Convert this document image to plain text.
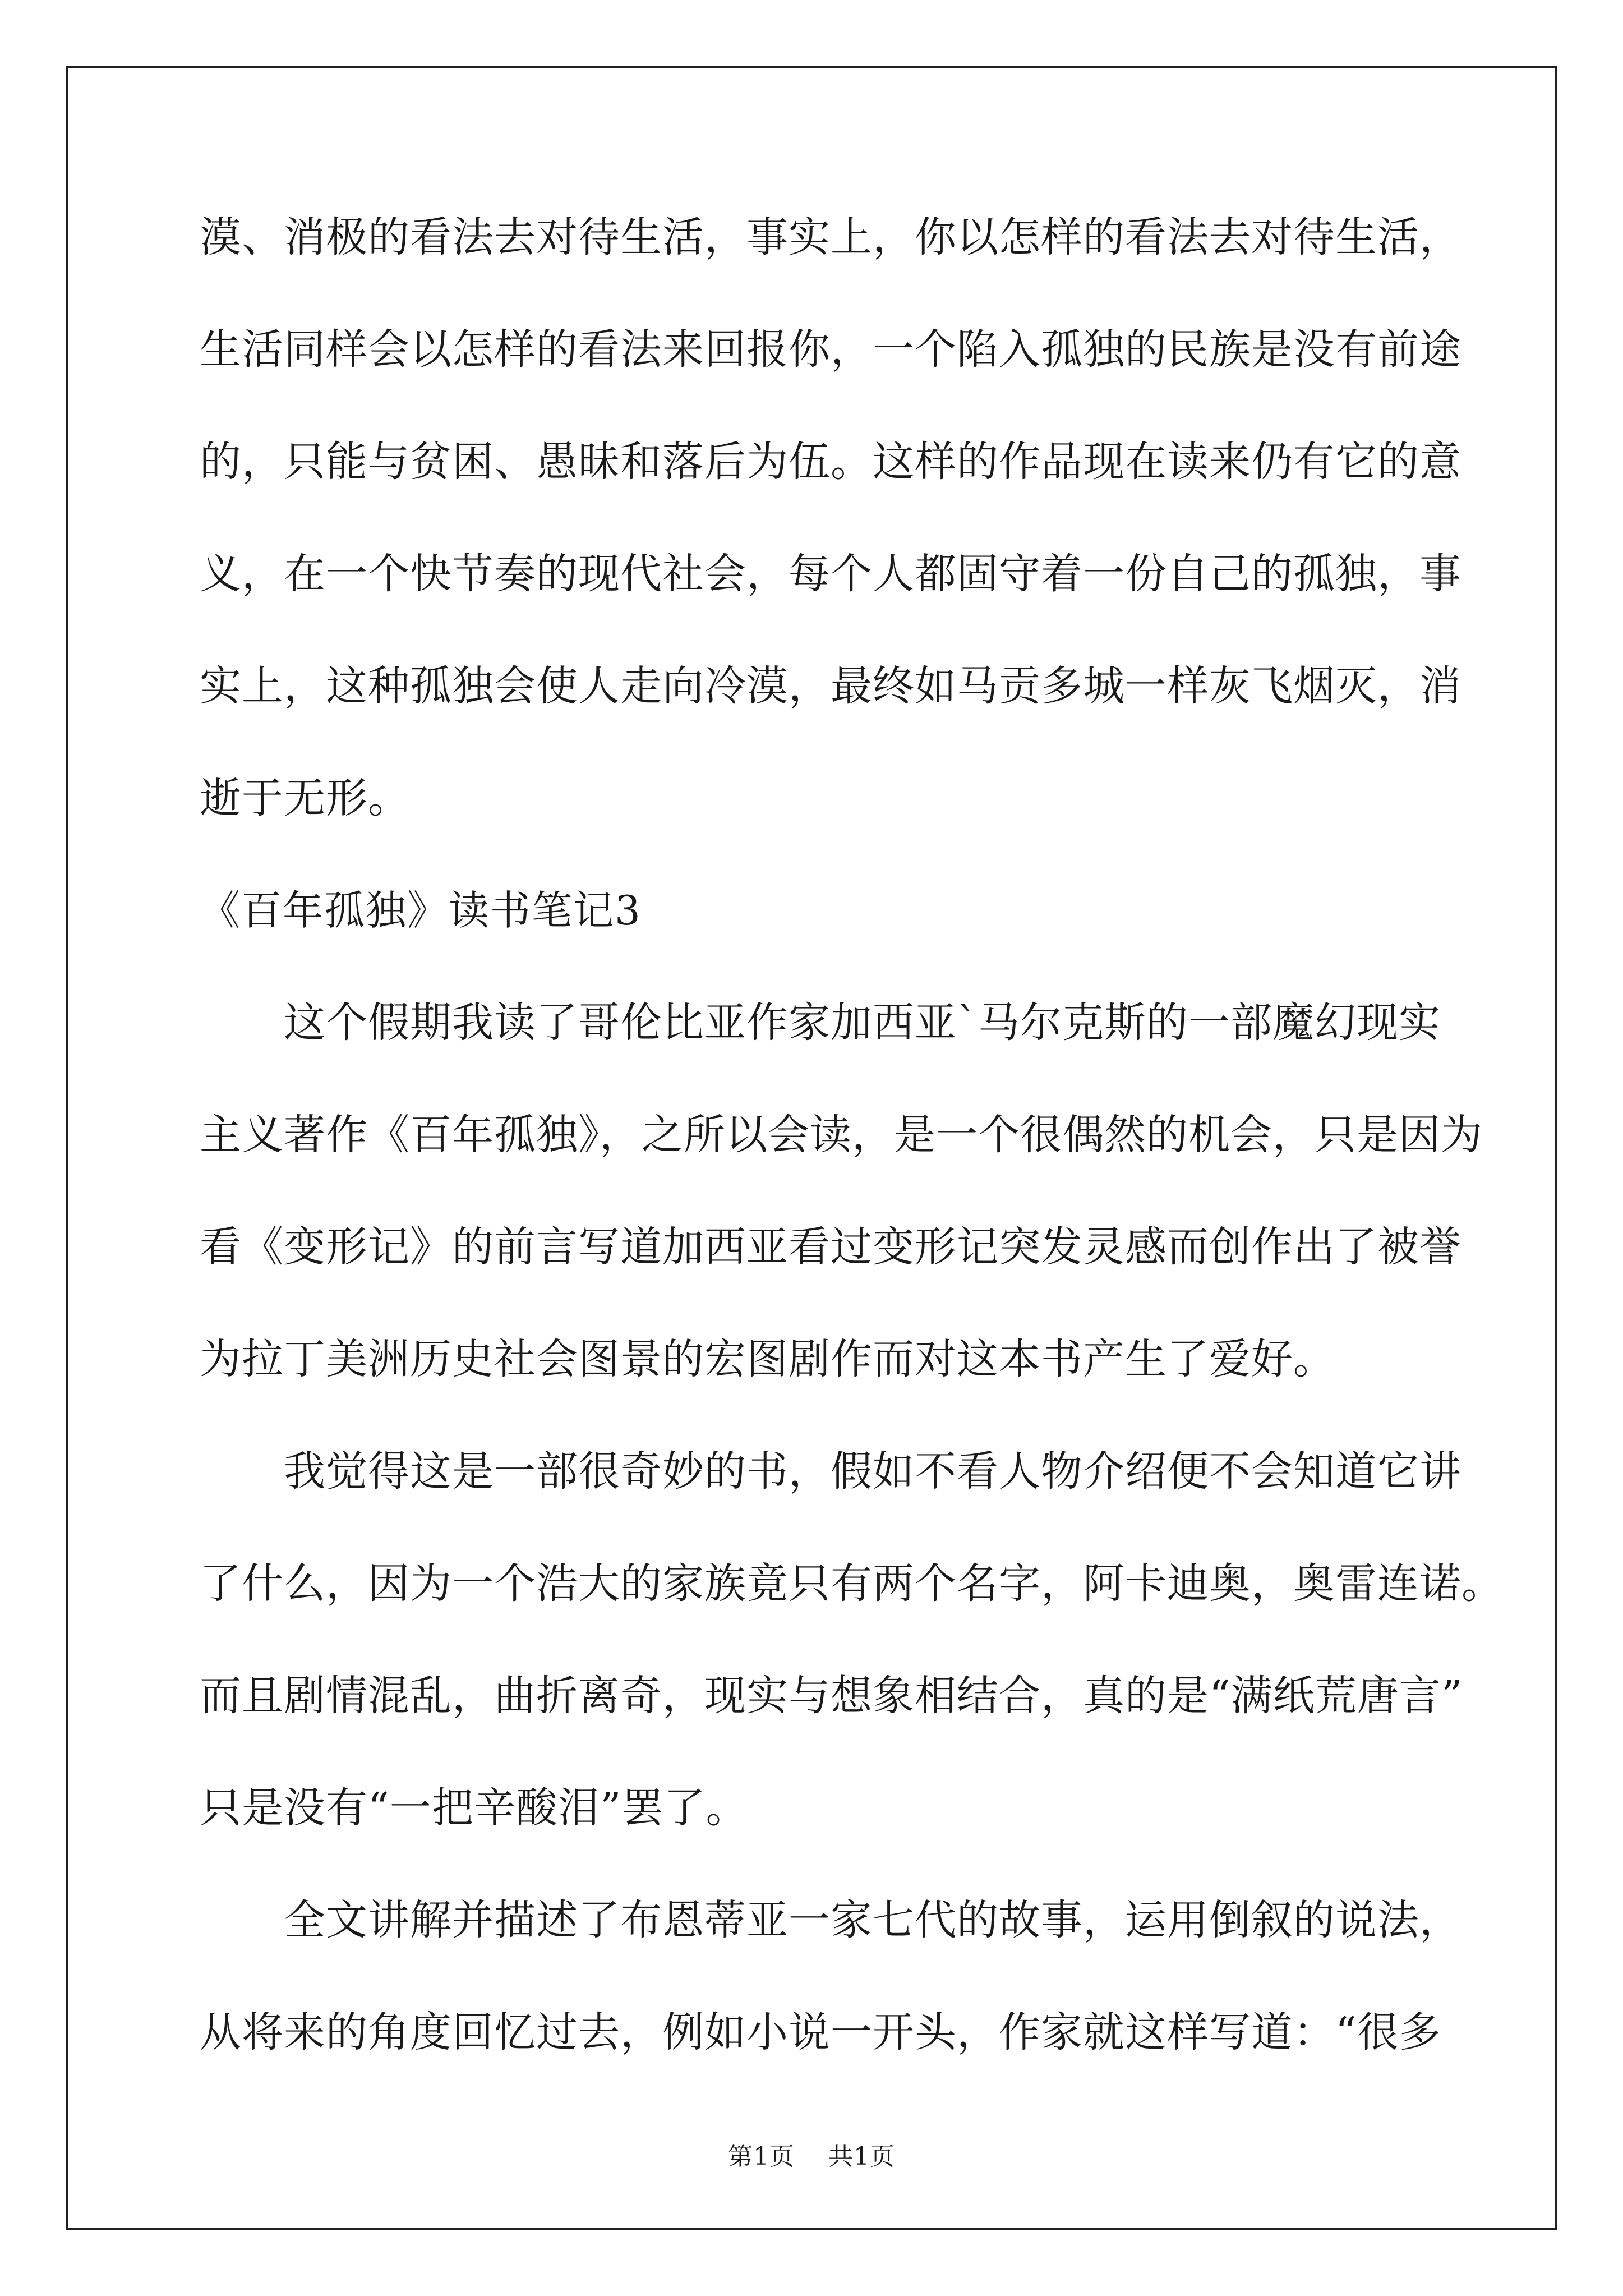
漠、消极的看法去对待生活，事实上，你以怎样的看法去对待生活，
生活同样会以怎样的看法来回报你，一个陷入孤独的民族是没有前途
的，只能与贫困、愚昧和落后为伍。这样的作品现在读来仍有它的意
义，在一个快节奏的现代社会，每个人都固守着一份自己的孤独，事
实上，这种孤独会使人走向冷漠，最终如马贡多城一样灰飞烟灭，消
逝于无形。
《百年孤独》读书笔记3
这个假期我读了哥伦比亚作家加西亚`马尔克斯的一部魔幻现实
主义著作《百年孤独》，之所以会读，是一个很偶然的机会，只是因为
看《变形记》的前言写道加西亚看过变形记突发灵感而创作出了被誉
为拉丁美洲历史社会图景的宏图剧作而对这本书产生了爱好。
我觉得这是一部很奇妙的书，假如不看人物介绍便不会知道它讲
了什么，因为一个浩大的家族竟只有两个名字，阿卡迪奥，奥雷连诺。
而且剧情混乱，曲折离奇，现实与想象相结合，真的是“满纸荒唐言”
只是没有“一把辛酸泪”罢了。
全文讲解并描述了布恩蒂亚一家七代的故事，运用倒叙的说法，
从将来的角度回忆过去，例如小说一开头，作家就这样写道：“很多
第1页 共1页
